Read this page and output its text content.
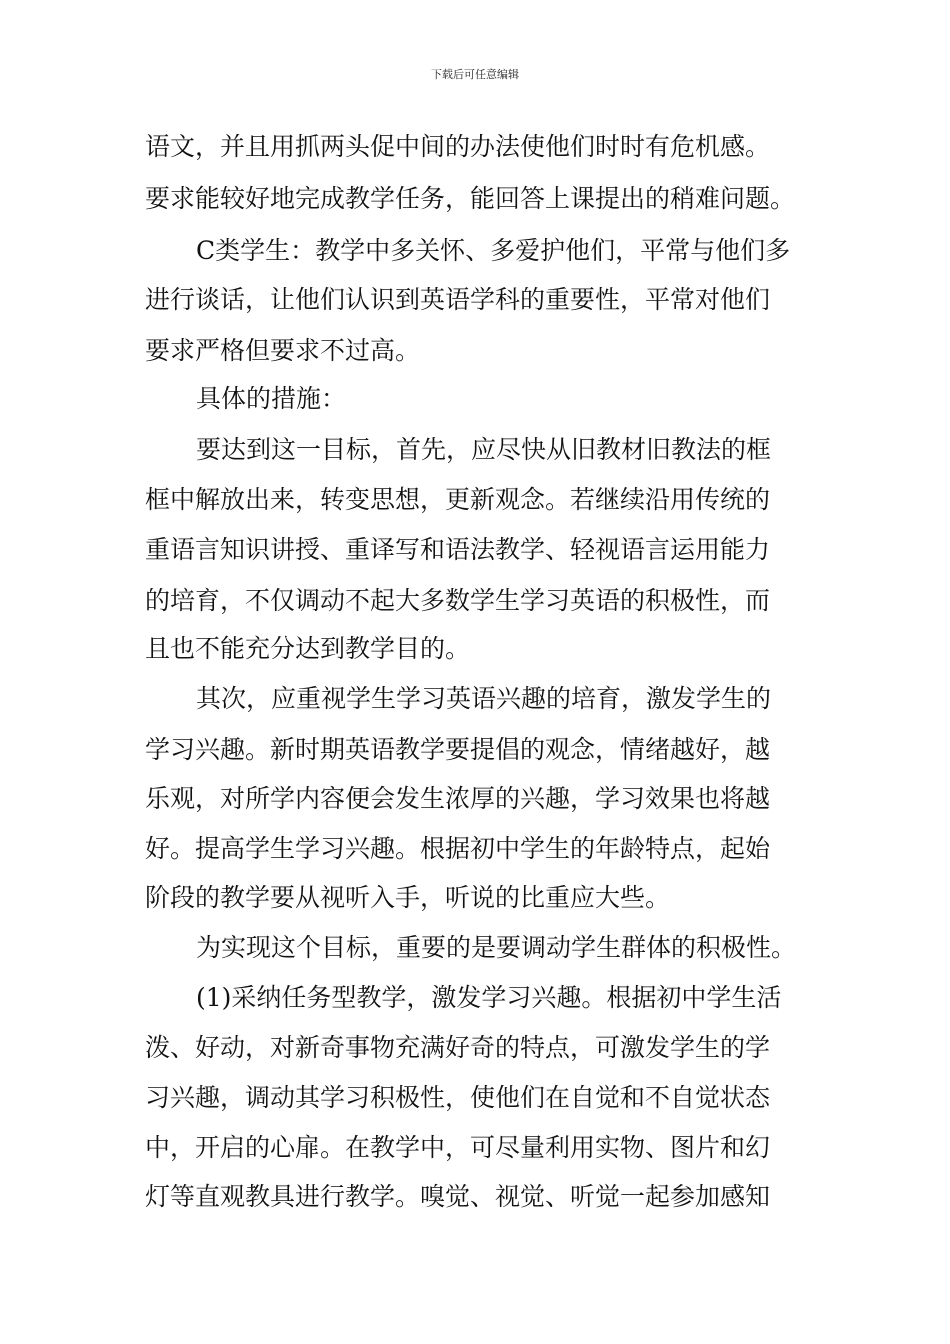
下载后可任意编辑
语文，并且用抓两头促中间的办法使他们时时有危机感。
要求能较好地完成教学任务，能回答上课提出的稍难问题。
C类学生：教学中多关怀、多爱护他们，平常与他们多
进行谈话，让他们认识到英语学科的重要性，平常对他们
要求严格但要求不过高。
具体的措施：
要达到这一目标，首先，应尽快从旧教材旧教法的框
框中解放出来，转变思想，更新观念。若继续沿用传统的
重语言知识讲授、重译写和语法教学、轻视语言运用能力
的培育，不仅调动不起大多数学生学习英语的积极性，而
且也不能充分达到教学目的。
其次，应重视学生学习英语兴趣的培育，激发学生的
学习兴趣。新时期英语教学要提倡的观念，情绪越好，越
乐观，对所学内容便会发生浓厚的兴趣，学习效果也将越
好。提高学生学习兴趣。根据初中学生的年龄特点，起始
阶段的教学要从视听入手，听说的比重应大些。
为实现这个目标，重要的是要调动学生群体的积极性。
(1)采纳任务型教学，激发学习兴趣。根据初中学生活
泼、好动，对新奇事物充满好奇的特点，可激发学生的学
习兴趣，调动其学习积极性，使他们在自觉和不自觉状态
中，开启的心扉。在教学中，可尽量利用实物、图片和幻
灯等直观教具进行教学。嗅觉、视觉、听觉一起参加感知
